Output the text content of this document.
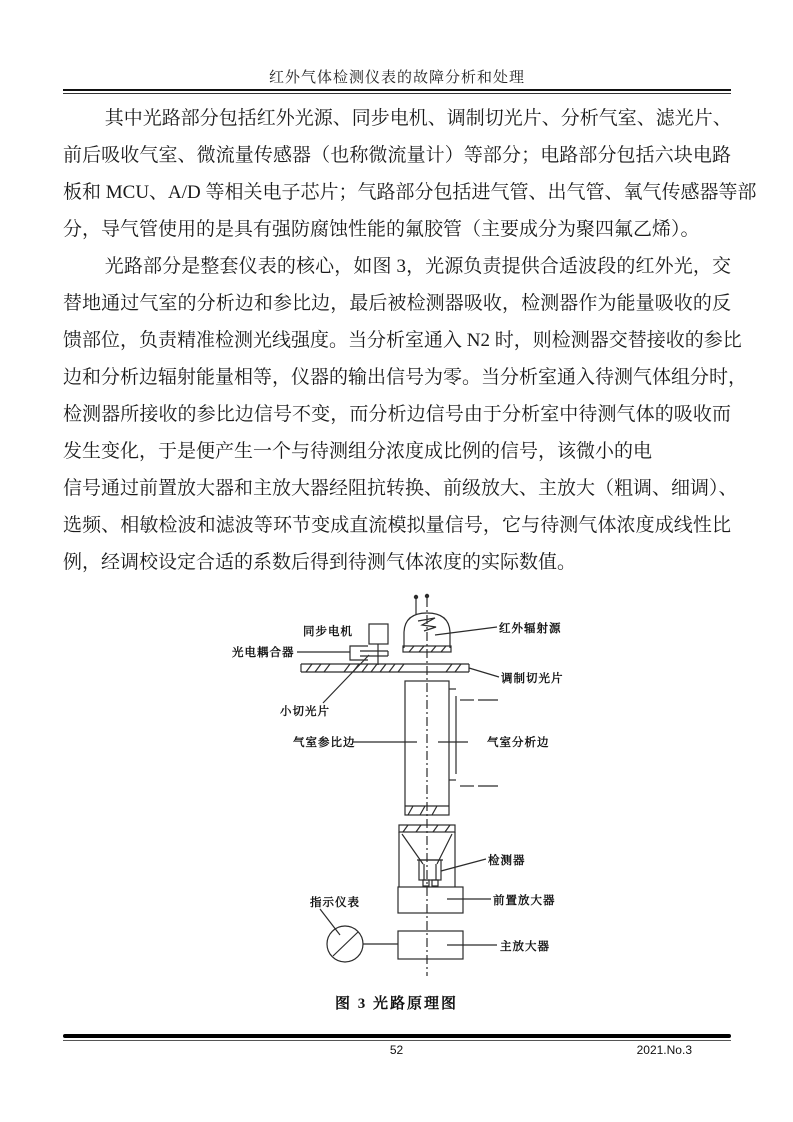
红外气体检测仪表的故障分析和处理
其中光路部分包括红外光源、同步电机、调制切光片、分析气室、滤光片、
前后吸收气室、微流量传感器（也称微流量计）等部分；电路部分包括六块电路
板和 MCU、A/D 等相关电子芯片；气路部分包括进气管、出气管、氧气传感器等部
分，导气管使用的是具有强防腐蚀性能的氟胶管（主要成分为聚四氟乙烯）。
光路部分是整套仪表的核心，如图 3，光源负责提供合适波段的红外光，交
替地通过气室的分析边和参比边，最后被检测器吸收，检测器作为能量吸收的反
馈部位，负责精准检测光线强度。当分析室通入 N2 时，则检测器交替接收的参比
边和分析边辐射能量相等，仪器的输出信号为零。当分析室通入待测气体组分时，
检测器所接收的参比边信号不变，而分析边信号由于分析室中待测气体的吸收而
发生变化，于是便产生一个与待测组分浓度成比例的信号，该微小的电
信号通过前置放大器和主放大器经阻抗转换、前级放大、主放大（粗调、细调）、
选频、相敏检波和滤波等环节变成直流模拟量信号，它与待测气体浓度成线性比
例，经调校设定合适的系数后得到待测气体浓度的实际数值。
红外辐射源
同步电机
光电耦合器
小切光片
调制切光片
气室参比边	气室分析边
检测器
前置放大器
主放大器
指示仪表
图 3 光路原理图
52	2021.No.3
